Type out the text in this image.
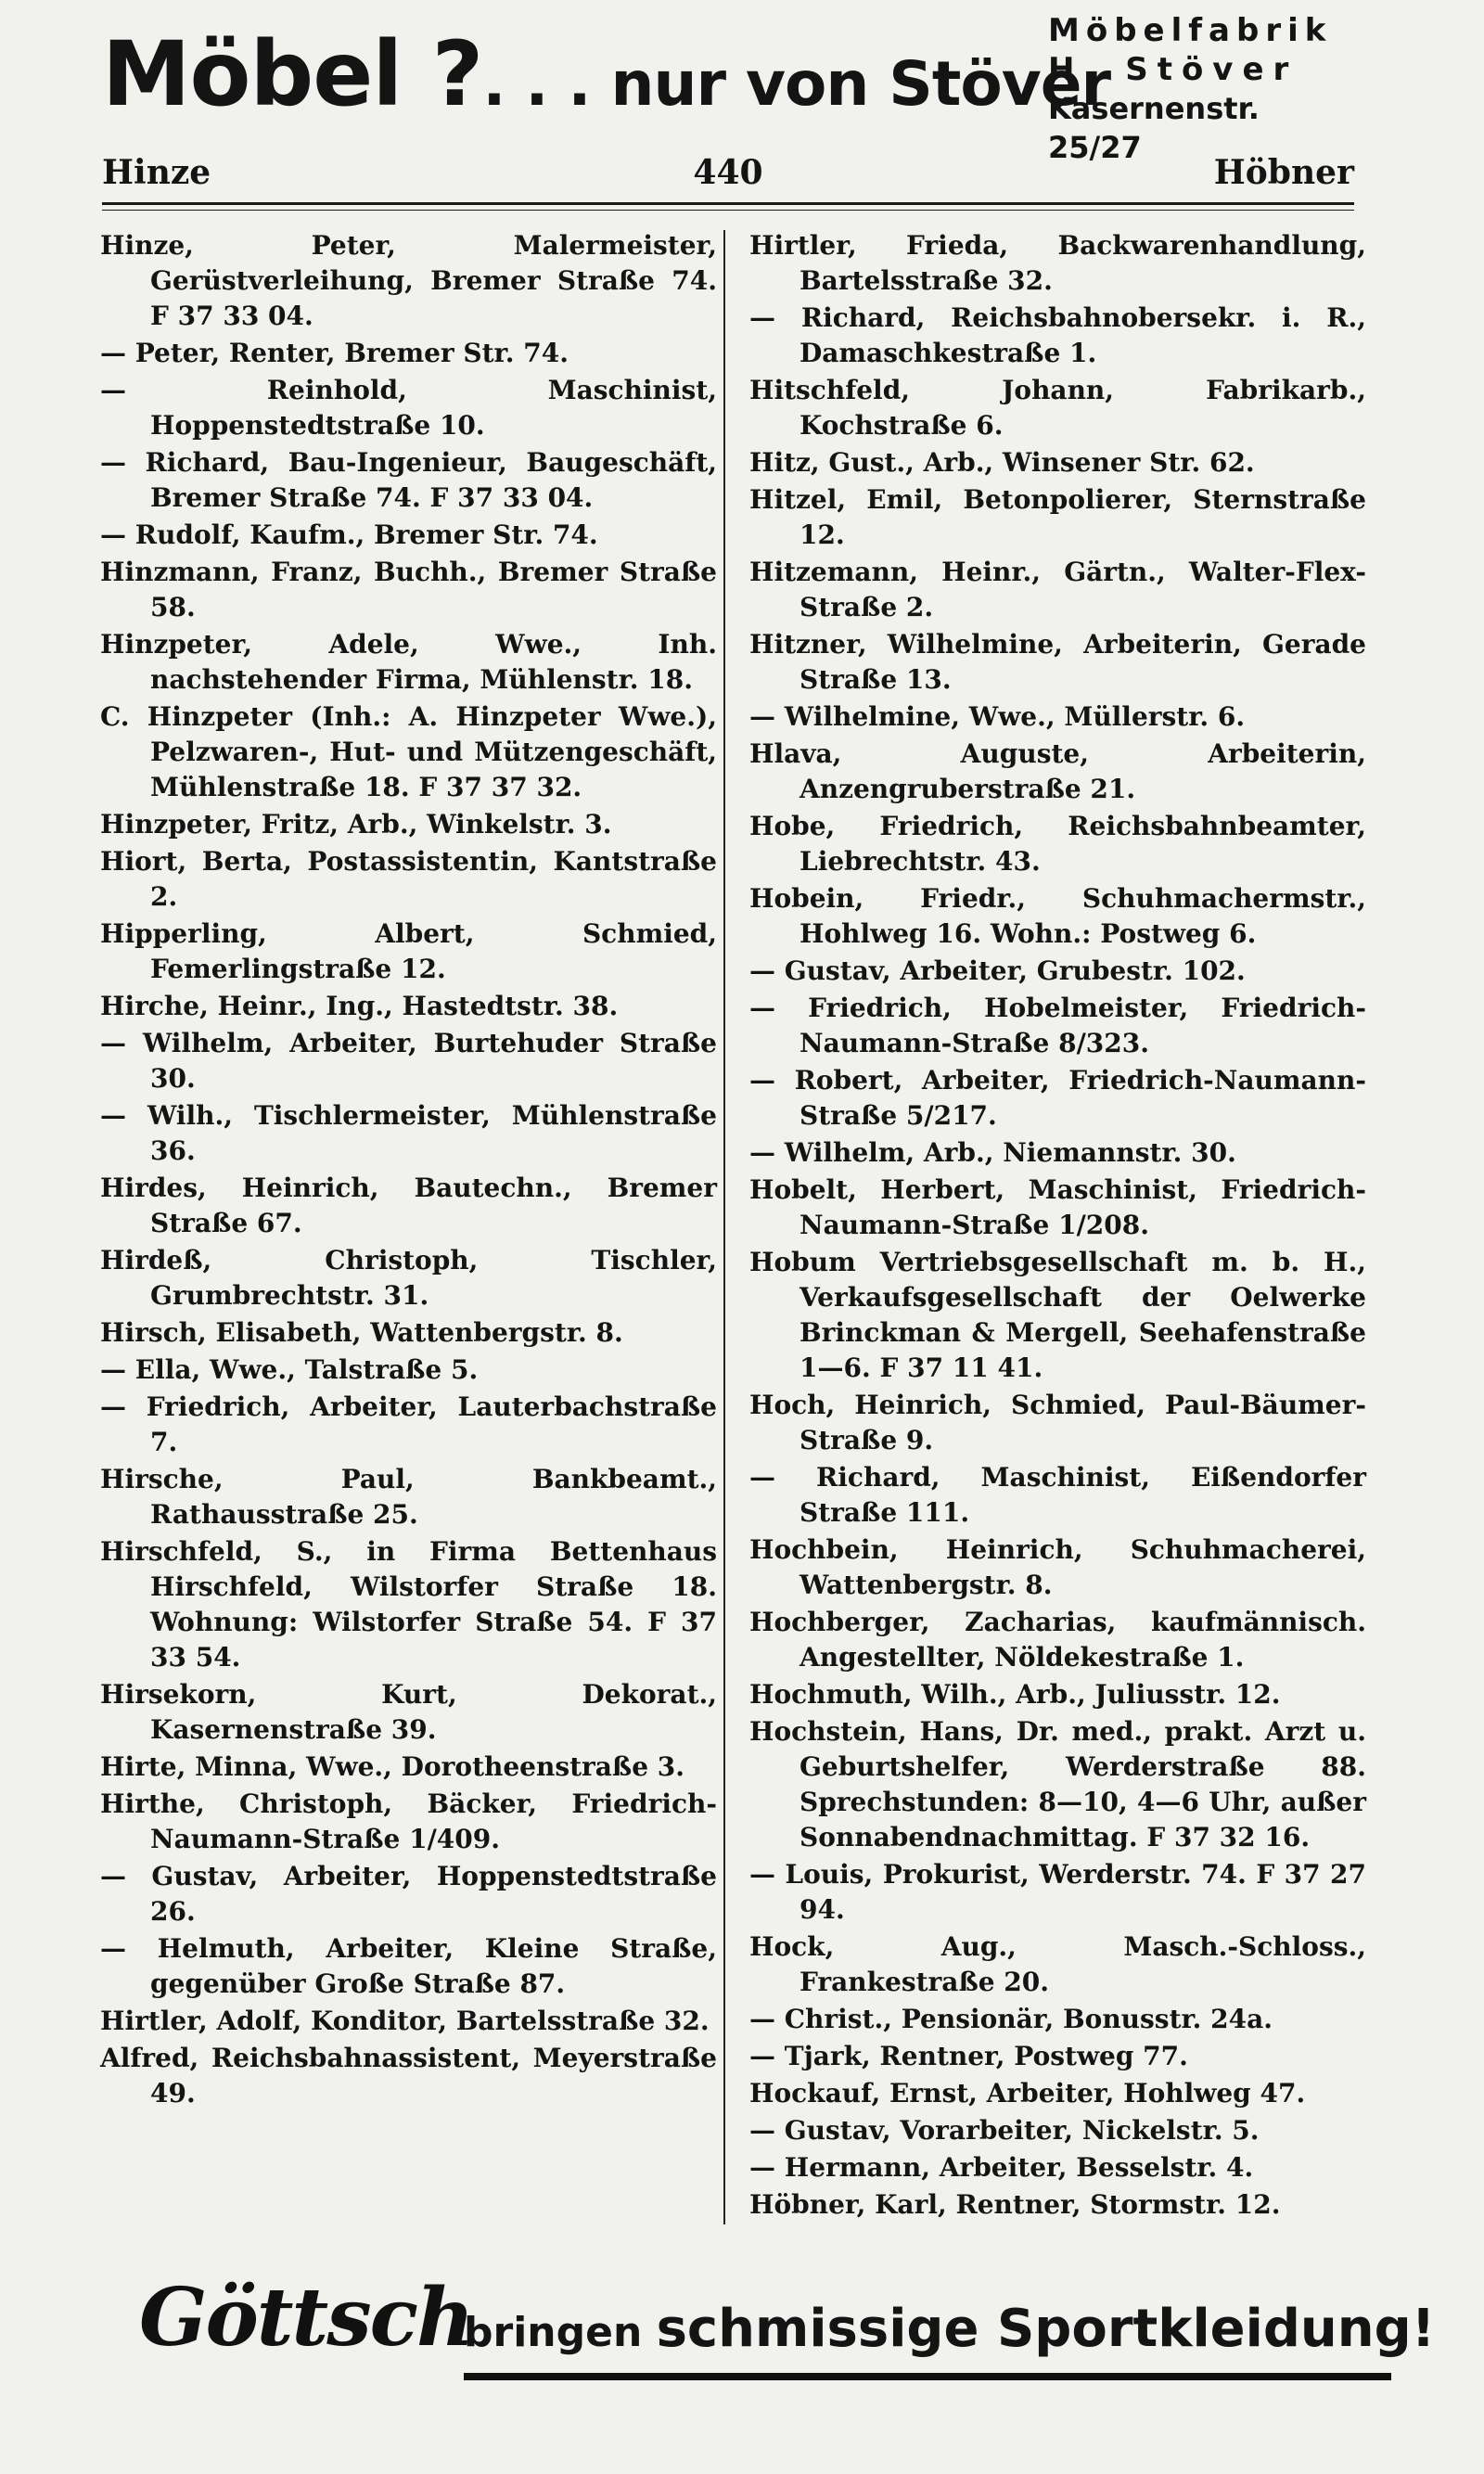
Möbel ?. . . nur von Stöver
Möbelfabrik
H. Stöver
Kasernenstr. 25/27
Hinze	440	Höbner

Hinze, Peter, Malermeister, Gerüstverleihung, Bremer Straße 74. F 37 33 04.

— Peter, Renter, Bremer Str. 74.

— Reinhold, Maschinist, Hoppenstedtstraße 10.

— Richard, Bau-Ingenieur, Baugeschäft, Bremer Straße 74. F 37 33 04.

— Rudolf, Kaufm., Bremer Str. 74.

Hinzmann, Franz, Buchh., Bremer Straße 58.

Hinzpeter, Adele, Wwe., Inh. nachstehender Firma, Mühlenstr. 18.

C. Hinzpeter (Inh.: A. Hinzpeter Wwe.), Pelzwaren-, Hut- und Mützengeschäft, Mühlenstraße 18. F 37 37 32.

Hinzpeter, Fritz, Arb., Winkelstr. 3.

Hiort, Berta, Postassistentin, Kantstraße 2.

Hipperling, Albert, Schmied, Femerlingstraße 12.

Hirche, Heinr., Ing., Hastedtstr. 38.

— Wilhelm, Arbeiter, Burtehuder Straße 30.

— Wilh., Tischlermeister, Mühlenstraße 36.

Hirdes, Heinrich, Bautechn., Bremer Straße 67.

Hirdeß, Christoph, Tischler, Grumbrechtstr. 31.

Hirsch, Elisabeth, Wattenbergstr. 8.

— Ella, Wwe., Talstraße 5.

— Friedrich, Arbeiter, Lauterbachstraße 7.

Hirsche, Paul, Bankbeamt., Rathausstraße 25.

Hirschfeld, S., in Firma Bettenhaus Hirschfeld, Wilstorfer Straße 18. Wohnung: Wilstorfer Straße 54. F 37 33 54.

Hirsekorn, Kurt, Dekorat., Kasernenstraße 39.

Hirte, Minna, Wwe., Dorotheenstraße 3.

Hirthe, Christoph, Bäcker, Friedrich-Naumann-Straße 1/409.

— Gustav, Arbeiter, Hoppenstedtstraße 26.

— Helmuth, Arbeiter, Kleine Straße, gegenüber Große Straße 87.

Hirtler, Adolf, Konditor, Bartelsstraße 32.

Alfred, Reichsbahnassistent, Meyerstraße 49.

Hirtler, Frieda, Backwarenhandlung, Bartelsstraße 32.

— Richard, Reichsbahnobersekr. i. R., Damaschkestraße 1.

Hitschfeld, Johann, Fabrikarb., Kochstraße 6.

Hitz, Gust., Arb., Winsener Str. 62.

Hitzel, Emil, Betonpolierer, Sternstraße 12.

Hitzemann, Heinr., Gärtn., Walter-Flex-Straße 2.

Hitzner, Wilhelmine, Arbeiterin, Gerade Straße 13.

— Wilhelmine, Wwe., Müllerstr. 6.

Hlava, Auguste, Arbeiterin, Anzengruberstraße 21.

Hobe, Friedrich, Reichsbahnbeamter, Liebrechtstr. 43.

Hobein, Friedr., Schuhmachermstr., Hohlweg 16. Wohn.: Postweg 6.

— Gustav, Arbeiter, Grubestr. 102.

— Friedrich, Hobelmeister, Friedrich-Naumann-Straße 8/323.

— Robert, Arbeiter, Friedrich-Naumann-Straße 5/217.

— Wilhelm, Arb., Niemannstr. 30.

Hobelt, Herbert, Maschinist, Friedrich-Naumann-Straße 1/208.

Hobum Vertriebsgesellschaft m. b. H., Verkaufsgesellschaft der Oelwerke Brinckman & Mergell, Seehafenstraße 1—6. F 37 11 41.

Hoch, Heinrich, Schmied, Paul-Bäumer-Straße 9.

— Richard, Maschinist, Eißendorfer Straße 111.

Hochbein, Heinrich, Schuhmacherei, Wattenbergstr. 8.

Hochberger, Zacharias, kaufmännisch. Angestellter, Nöldekestraße 1.

Hochmuth, Wilh., Arb., Juliusstr. 12.

Hochstein, Hans, Dr. med., prakt. Arzt u. Geburtshelfer, Werderstraße 88. Sprechstunden: 8—10, 4—6 Uhr, außer Sonnabendnachmittag. F 37 32 16.

— Louis, Prokurist, Werderstr. 74. F 37 27 94.

Hock, Aug., Masch.-Schloss., Frankestraße 20.

— Christ., Pensionär, Bonusstr. 24a.

— Tjark, Rentner, Postweg 77.

Hockauf, Ernst, Arbeiter, Hohlweg 47.

— Gustav, Vorarbeiter, Nickelstr. 5.

— Hermann, Arbeiter, Besselstr. 4.

Höbner, Karl, Rentner, Stormstr. 12.

Göttsch
bringen schmissige Sportkleidung!
